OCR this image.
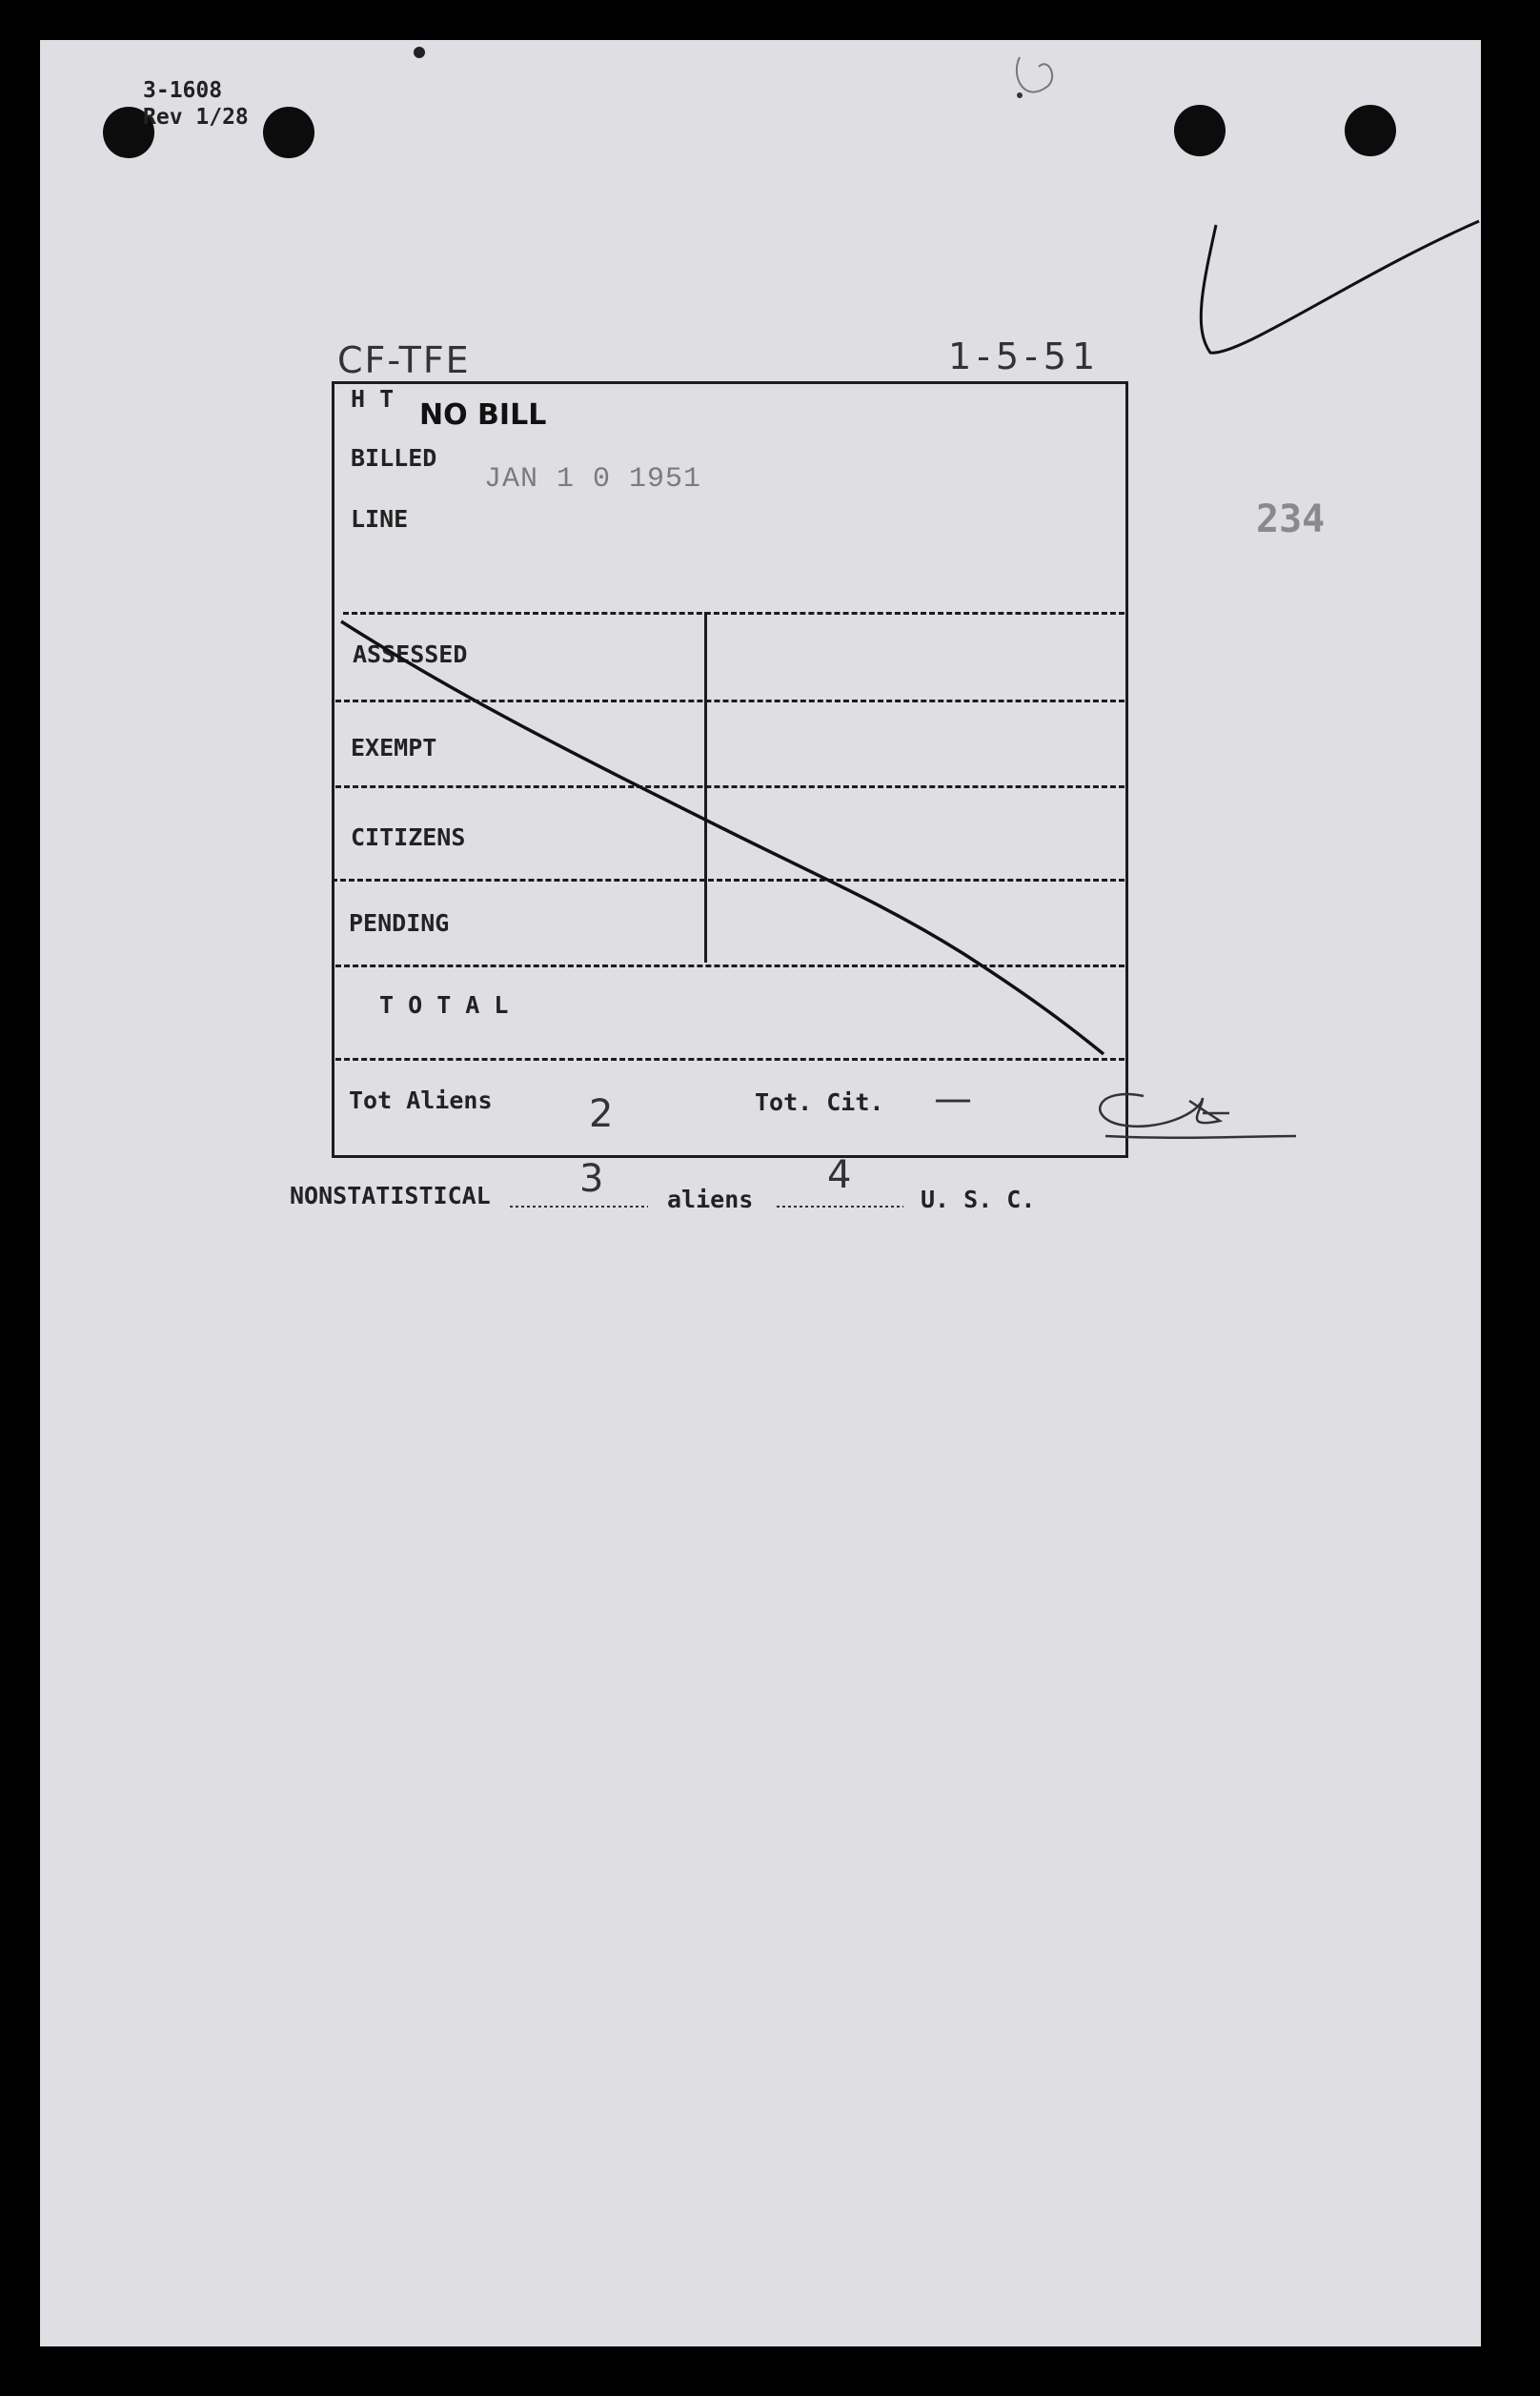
3-1608
Rev 1/28
CF-TFE	1-5-51
234
H T NO BILL
BILLED
JAN 1 0 1951
LINE
ASSESSED
EXEMPT
CITIZENS
PENDING
T O T A L
Tot Aliens	2	Tot. Cit. —
NONSTATISTICAL 3	aliens
4
U. S. C.
